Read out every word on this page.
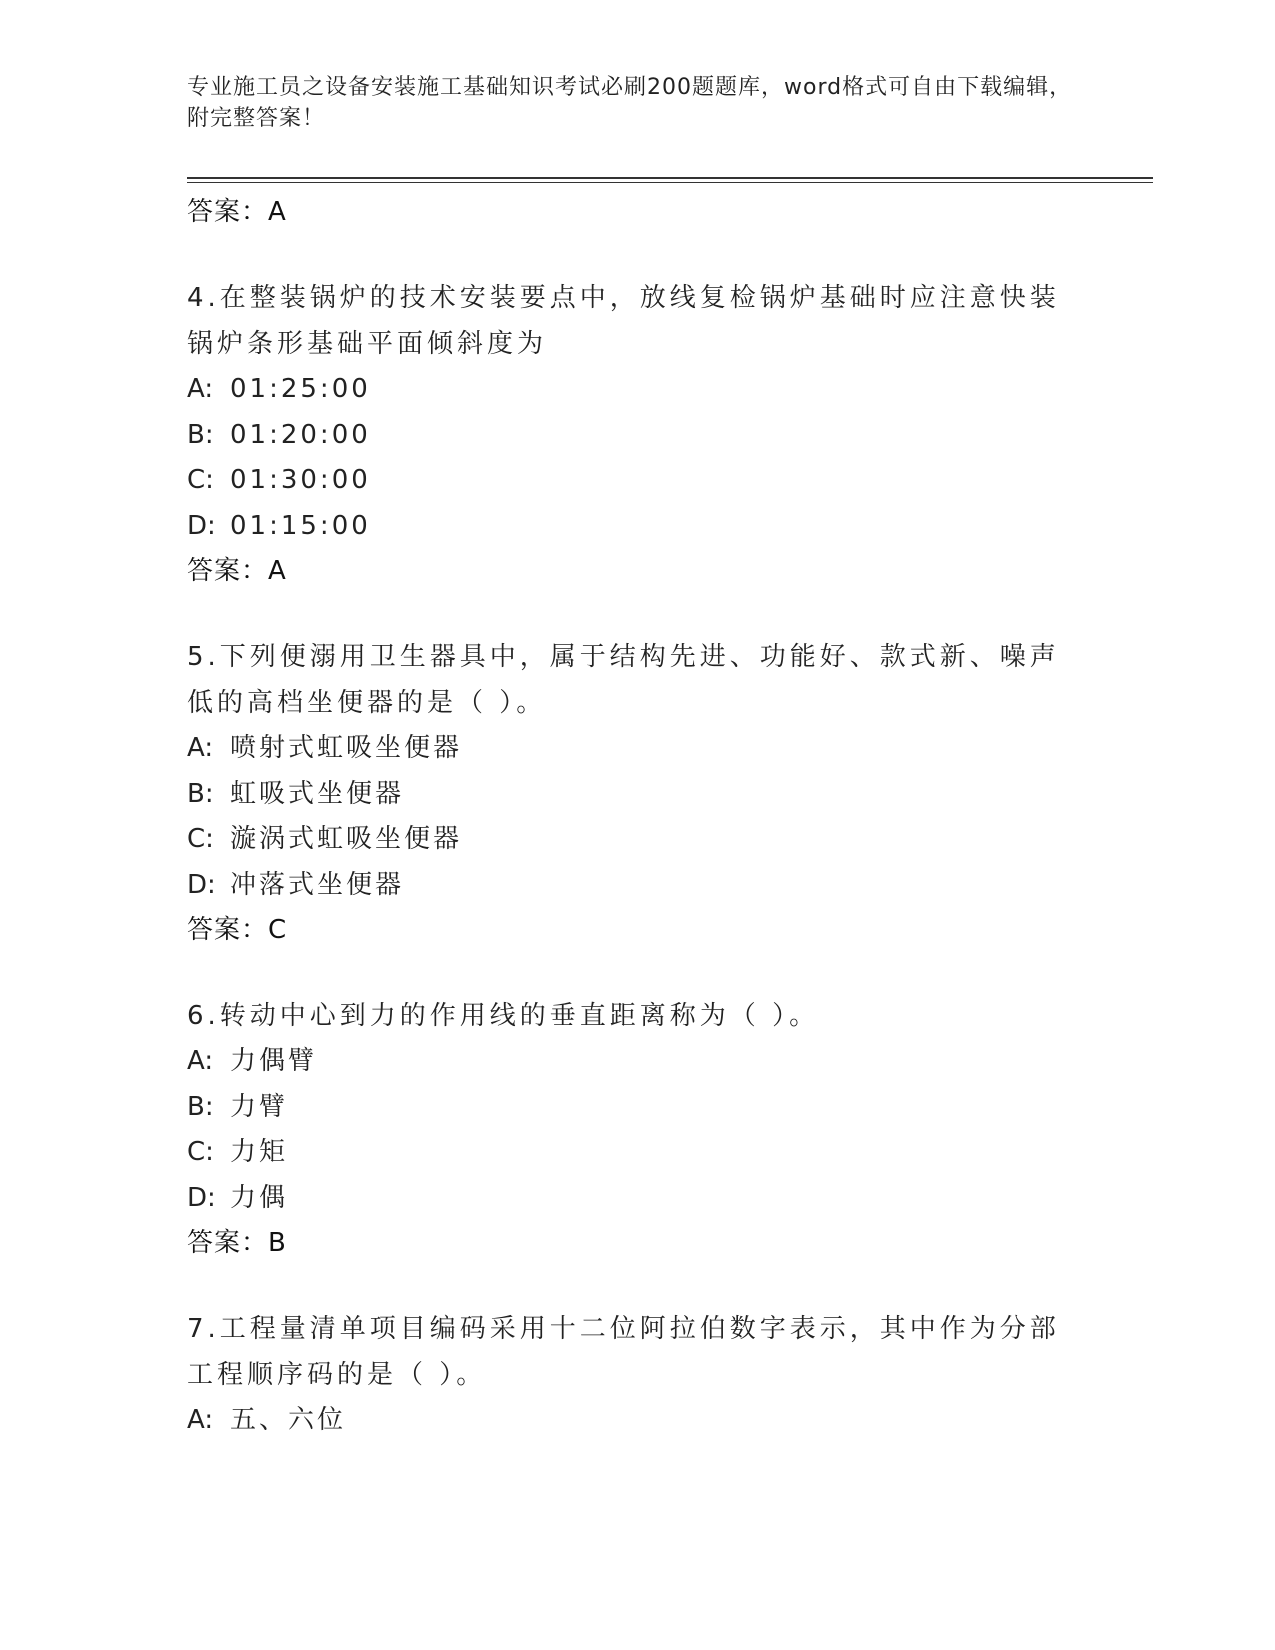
专业施工员之设备安装施工基础知识考试必刷200题题库，word格式可自由下载编辑，附完整答案！
答案：A
4.在整装锅炉的技术安装要点中，放线复检锅炉基础时应注意快装锅炉条形基础平面倾斜度为
A: 01:25:00
B: 01:20:00
C: 01:30:00
D: 01:15:00
答案：A
5.下列便溺用卫生器具中，属于结构先进、功能好、款式新、噪声低的高档坐便器的是（ ）。
A: 喷射式虹吸坐便器
B: 虹吸式坐便器
C: 漩涡式虹吸坐便器
D: 冲落式坐便器
答案：C
6.转动中心到力的作用线的垂直距离称为（ ）。
A: 力偶臂
B: 力臂
C: 力矩
D: 力偶
答案：B
7.工程量清单项目编码采用十二位阿拉伯数字表示，其中作为分部工程顺序码的是（ ）。
A: 五、六位
